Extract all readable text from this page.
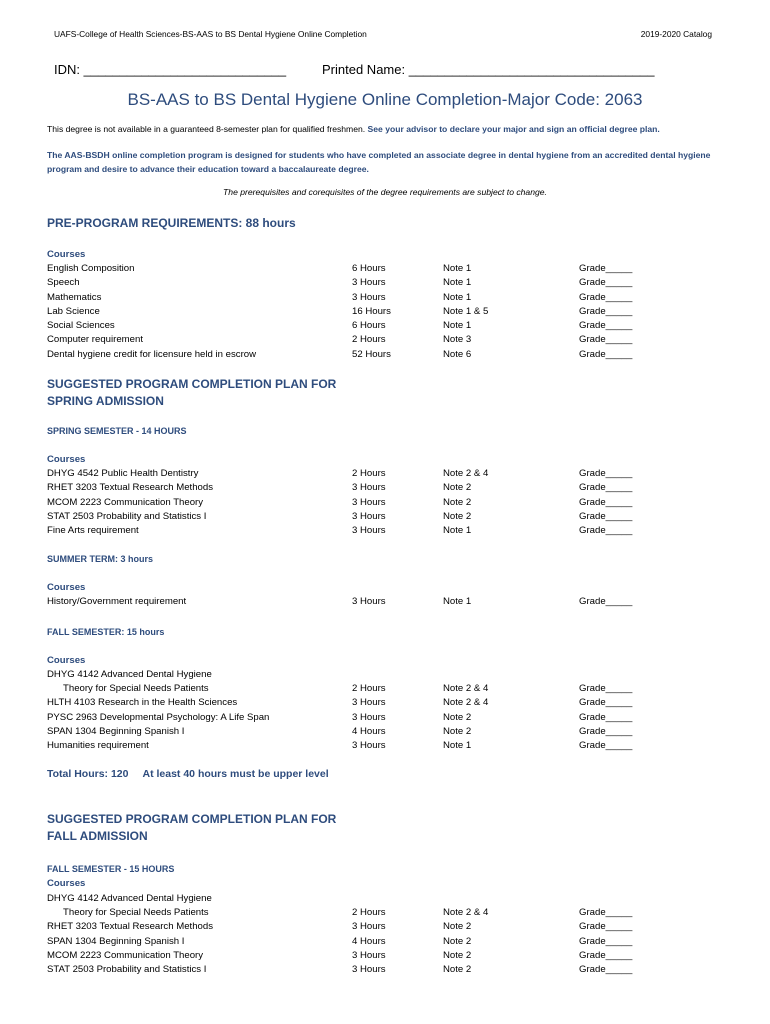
UAFS-College of Health Sciences-BS-AAS to BS Dental Hygiene Online Completion	2019-2020 Catalog
IDN: ____________________________	Printed Name: __________________________________
BS-AAS to BS Dental Hygiene Online Completion-Major Code: 2063
This degree is not available in a guaranteed 8-semester plan for qualified freshmen. See your advisor to declare your major and sign an official degree plan.
The AAS-BSDH online completion program is designed for students who have completed an associate degree in dental hygiene from an accredited dental hygiene program and desire to advance their education toward a baccalaureate degree.
The prerequisites and corequisites of the degree requirements are subject to change.
PRE-PROGRAM REQUIREMENTS: 88 hours
Courses
English Composition	6 Hours	Note 1	Grade_____
Speech	3 Hours	Note 1	Grade_____
Mathematics	3 Hours	Note 1	Grade_____
Lab Science	16 Hours	Note 1 & 5	Grade_____
Social Sciences	6 Hours	Note 1	Grade_____
Computer requirement	2 Hours	Note 3	Grade_____
Dental hygiene credit for licensure held in escrow	52 Hours	Note 6	Grade_____
SUGGESTED PROGRAM COMPLETION PLAN FOR
SPRING ADMISSION
SPRING SEMESTER - 14 HOURS
Courses
DHYG 4542 Public Health Dentistry	2 Hours	Note 2 & 4	Grade_____
RHET 3203 Textual Research Methods	3 Hours	Note 2	Grade_____
MCOM 2223 Communication Theory	3 Hours	Note 2	Grade_____
STAT 2503 Probability and Statistics I	3 Hours	Note 2	Grade_____
Fine Arts requirement	3 Hours	Note 1	Grade_____
SUMMER TERM: 3 hours
Courses
History/Government requirement	3 Hours	Note 1	Grade_____
FALL SEMESTER: 15 hours
Courses
DHYG 4142 Advanced Dental Hygiene
Theory for Special Needs Patients	2 Hours	Note 2 & 4	Grade_____
HLTH 4103 Research in the Health Sciences	3 Hours	Note 2 & 4	Grade_____
PYSC 2963 Developmental Psychology: A Life Span	3 Hours	Note 2	Grade_____
SPAN 1304 Beginning Spanish I	4 Hours	Note 2	Grade_____
Humanities requirement	3 Hours	Note 1	Grade_____
Total Hours: 120 At least 40 hours must be upper level
SUGGESTED PROGRAM COMPLETION PLAN FOR
FALL ADMISSION
FALL SEMESTER - 15 HOURS
Courses
DHYG 4142 Advanced Dental Hygiene
Theory for Special Needs Patients	2 Hours	Note 2 & 4	Grade_____
RHET 3203 Textual Research Methods	3 Hours	Note 2	Grade_____
SPAN 1304 Beginning Spanish I	4 Hours	Note 2	Grade_____
MCOM 2223 Communication Theory	3 Hours	Note 2	Grade_____
STAT 2503 Probability and Statistics I	3 Hours	Note 2	Grade_____
